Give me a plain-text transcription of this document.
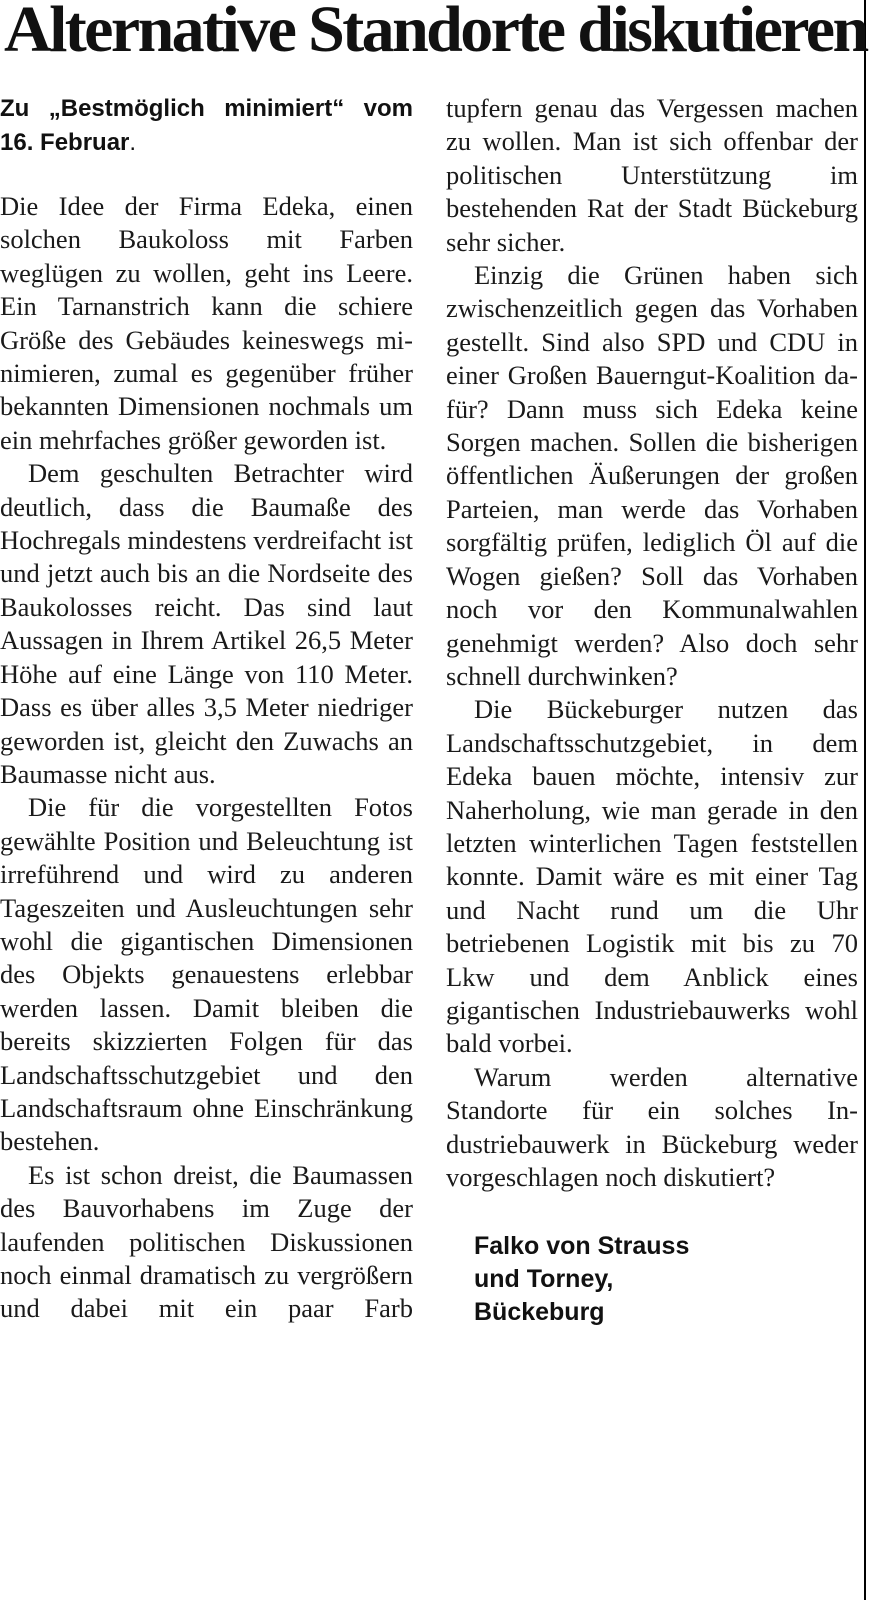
Alternative Standorte diskutieren

Zu „Bestmöglich minimiert“ vom 16. Februar.

Die Idee der Firma Edeka, einen solchen Baukoloss mit Farben weglügen zu wollen, geht ins Leere. Ein Tarnanstrich kann die schiere Größe des Gebäudes keineswegs minimieren, zumal es gegenüber früher bekannten Dimensionen nochmals um ein mehrfaches größer geworden ist.

Dem geschulten Betrachter wird deutlich, dass die Baumaße des Hochregals mindestens verdreifacht ist und jetzt auch bis an die Nordseite des Baukolosses reicht. Das sind laut Aussagen in Ihrem Artikel 26,5 Meter Höhe auf eine Länge von 110 Meter. Dass es über alles 3,5 Meter niedriger geworden ist, gleicht den Zuwachs an Baumasse nicht aus.

Die für die vorgestellten Fotos gewählte Position und Beleuchtung ist irreführend und wird zu anderen Tageszeiten und Ausleuchtungen sehr wohl die gigantischen Dimensionen des Objekts genauestens erlebbar werden lassen. Damit bleiben die bereits skizzierten Folgen für das Landschaftsschutzgebiet und den Landschaftsraum ohne Einschränkung bestehen.

Es ist schon dreist, die Baumassen des Bauvorhabens im Zuge der laufenden politischen Diskussionen noch einmal dramatisch zu vergrößern und dabei mit ein paar Farb

tupfern genau das Vergessen machen zu wollen. Man ist sich offenbar der politischen Unterstützung im bestehenden Rat der Stadt Bückeburg sehr sicher.

Einzig die Grünen haben sich zwischenzeitlich gegen das Vorhaben gestellt. Sind also SPD und CDU in einer Großen Bauerngut-Koalition dafür? Dann muss sich Edeka keine Sorgen machen. Sollen die bisherigen öffentlichen Äußerungen der großen Parteien, man werde das Vorhaben sorgfältig prüfen, lediglich Öl auf die Wogen gießen? Soll das Vorhaben noch vor den Kommunalwahlen genehmigt werden? Also doch sehr schnell durchwinken?

Die Bückeburger nutzen das Landschaftsschutzgebiet, in dem Edeka bauen möchte, intensiv zur Naherholung, wie man gerade in den letzten winterlichen Tagen feststellen konnte. Damit wäre es mit einer Tag und Nacht rund um die Uhr betriebenen Logistik mit bis zu 70 Lkw und dem Anblick eines gigantischen Industriebauwerks wohl bald vorbei.

Warum werden alternative Standorte für ein solches Industriebauwerk in Bückeburg weder vorgeschlagen noch diskutiert?

Falko von Strauss
und Torney,
Bückeburg
